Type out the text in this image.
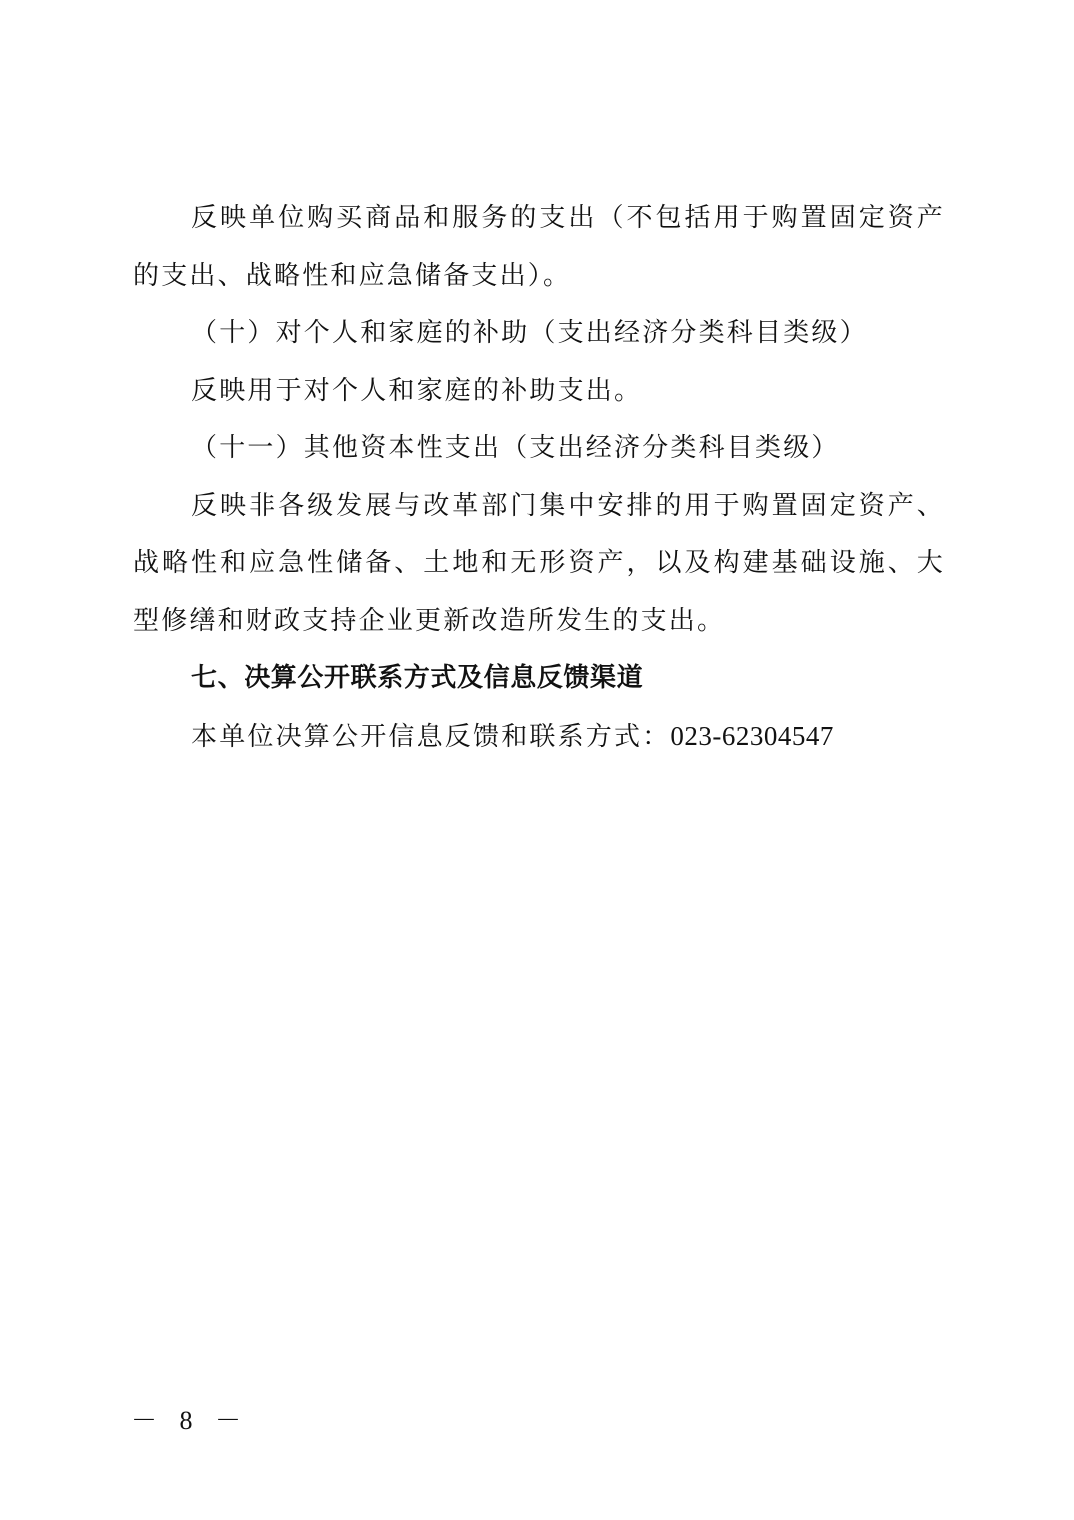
反映单位购买商品和服务的支出（不包括用于购置固定资产的支出、战略性和应急储备支出）。

（十）对个人和家庭的补助（支出经济分类科目类级）

反映用于对个人和家庭的补助支出。

（十一）其他资本性支出（支出经济分类科目类级）

反映非各级发展与改革部门集中安排的用于购置固定资产、战略性和应急性储备、土地和无形资产，以及构建基础设施、大型修缮和财政支持企业更新改造所发生的支出。

七、决算公开联系方式及信息反馈渠道

本单位决算公开信息反馈和联系方式：023-62304547

－ 8 －
